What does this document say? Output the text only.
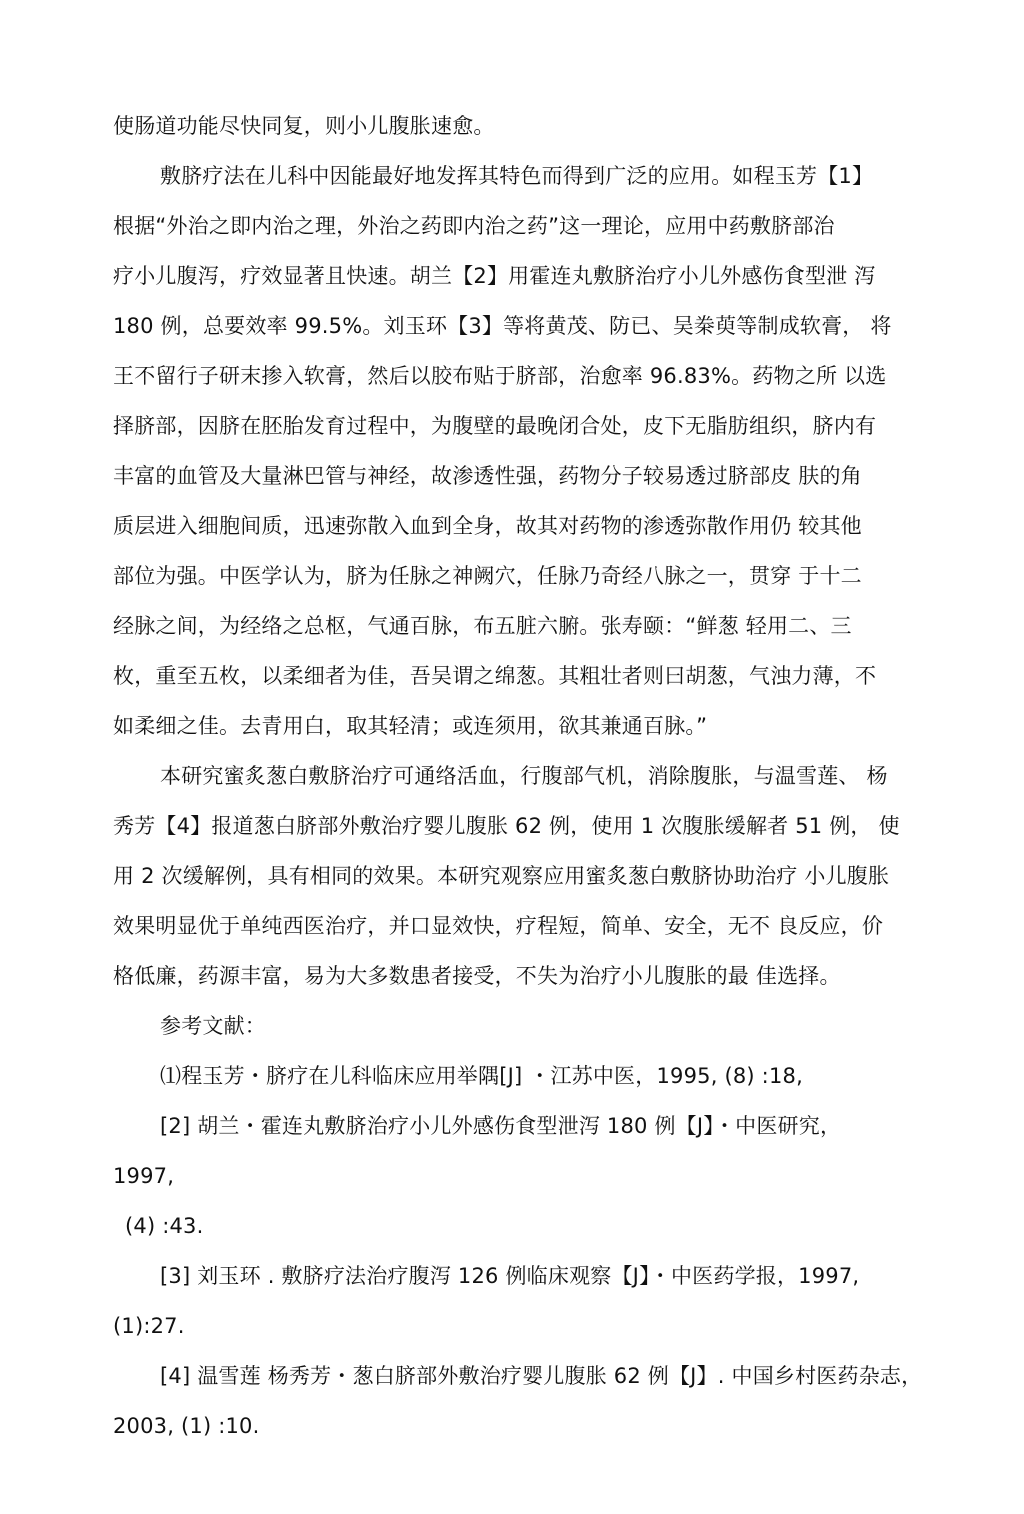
使肠道功能尽快同复，则小儿腹胀速愈。
敷脐疗法在儿科中因能最好地发挥其特色而得到广泛的应用。如程玉芳【1】
根据“外治之即内治之理，外治之药即内治之药”这一理论，应用中药敷脐部治
疗小儿腹泻，疗效显著且快速。胡兰【2】用霍连丸敷脐治疗小儿外感伤食型泄 泻
180 例，总要效率 99.5%。刘玉环【3】等将黄茂、防已、吴桊萸等制成软膏， 将
王不留行子研末掺入软膏，然后以胶布贴于脐部，治愈率 96.83%。药物之所 以选
择脐部，因脐在胚胎发育过程中，为腹壁的最晚闭合处，皮下无脂肪组织，脐内有
丰富的血管及大量淋巴管与神经，故渗透性强，药物分子较易透过脐部皮 肤的角
质层进入细胞间质，迅速弥散入血到全身，故其对药物的渗透弥散作用仍 较其他
部位为强。中医学认为，脐为任脉之神阙穴，任脉乃奇经八脉之一，贯穿 于十二
经脉之间，为经络之总枢，气通百脉，布五脏六腑。张寿颐：“鲜葱 轻用二、三
枚，重至五枚，以柔细者为佳，吾吴谓之绵葱。其粗壮者则曰胡葱，气浊力薄，不
如柔细之佳。去青用白，取其轻清；或连须用，欲其兼通百脉。”
本研究蜜炙葱白敷脐治疗可通络活血，行腹部气机，消除腹胀，与温雪莲、 杨
秀芳【4】报道葱白脐部外敷治疗婴儿腹胀 62 例，使用 1 次腹胀缓解者 51 例， 使
用 2 次缓解例，具有相同的效果。本研究观察应用蜜炙葱白敷脐协助治疗 小儿腹胀
效果明显优于单纯西医治疗，并口显效快，疗程短，简单、安全，无不 良反应，价
格低廉，药源丰富，易为大多数患者接受，不失为治疗小儿腹胀的最 佳选择。
参考文献：
⑴程玉芳・脐疗在儿科临床应用举隅[J] ・江苏中医，1995, (8) :18,
[2] 胡兰・霍连丸敷脐治疗小儿外感伤食型泄泻 180 例【J】・中医研究，
1997,
(4) :43.
[3] 刘玉环 . 敷脐疗法治疗腹泻 126 例临床观察【J】・中医药学报，1997,
(1):27.
[4] 温雪莲 杨秀芳・葱白脐部外敷治疗婴儿腹胀 62 例【J】. 中国乡村医药杂志，
2003, (1) :10.
